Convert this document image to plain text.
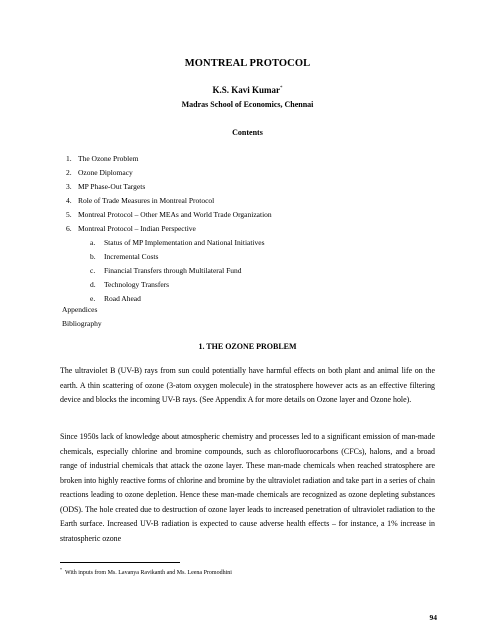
MONTREAL PROTOCOL
K.S. Kavi Kumar*
Madras School of Economics, Chennai
Contents
1. The Ozone Problem
2. Ozone Diplomacy
3. MP Phase-Out Targets
4. Role of Trade Measures in Montreal Protocol
5. Montreal Protocol – Other MEAs and World Trade Organization
6. Montreal Protocol – Indian Perspective
a. Status of MP Implementation and National Initiatives
b. Incremental Costs
c. Financial Transfers through Multilateral Fund
d. Technology Transfers
e. Road Ahead
Appendices
Bibliography
1. THE OZONE PROBLEM

The ultraviolet B (UV-B) rays from sun could potentially have harmful effects on both plant and animal life on the earth. A thin scattering of ozone (3-atom oxygen molecule) in the stratosphere however acts as an effective filtering device and blocks the incoming UV-B rays. (See Appendix A for more details on Ozone layer and Ozone hole).

Since 1950s lack of knowledge about atmospheric chemistry and processes led to a significant emission of man-made chemicals, especially chlorine and bromine compounds, such as chlorofluorocarbons (CFCs), halons, and a broad range of industrial chemicals that attack the ozone layer. These man-made chemicals when reached stratosphere are broken into highly reactive forms of chlorine and bromine by the ultraviolet radiation and take part in a series of chain reactions leading to ozone depletion. Hence these man-made chemicals are recognized as ozone depleting substances (ODS). The hole created due to destruction of ozone layer leads to increased penetration of ultraviolet radiation to the Earth surface. Increased UV-B radiation is expected to cause adverse health effects – for instance, a 1% increase in stratospheric ozone

*With inputs from Ms. Lavanya Ravikanth and Ms. Leena Promodhini
94
